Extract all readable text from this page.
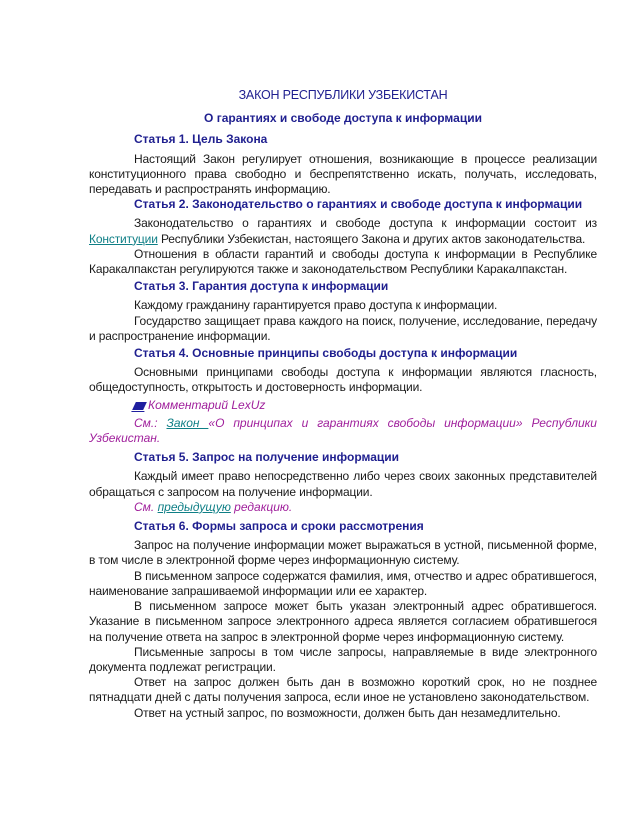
ЗАКОН РЕСПУБЛИКИ УЗБЕКИСТАН
О гарантиях и свободе доступа к информации
Статья 1. Цель Закона

Настоящий Закон регулирует отношения, возникающие в процессе реализации конституционного права свободно и беспрепятственно искать, получать, исследовать, передавать и распространять информацию.

Статья 2. Законодательство о гарантиях и свободе доступа к информации

Законодательство о гарантиях и свободе доступа к информации состоит из Конституции Республики Узбекистан, настоящего Закона и других актов законодательства.

Отношения в области гарантий и свободы доступа к информации в Республике Каракалпакстан регулируются также и законодательством Республики Каракалпакстан.

Статья 3. Гарантия доступа к информации

Каждому гражданину гарантируется право доступа к информации.

Государство защищает права каждого на поиск, получение, исследование, передачу и распространение информации.

Статья 4. Основные принципы свободы доступа к информации

Основными принципами свободы доступа к информации являются гласность, общедоступность, открытость и достоверность информации.

Комментарий LexUz

См.: Закон «О принципах и гарантиях свободы информации» Республики Узбекистан.

Статья 5. Запрос на получение информации

Каждый имеет право непосредственно либо через своих законных представителей обращаться с запросом на получение информации.

См. предыдущую редакцию.

Статья 6. Формы запроса и сроки рассмотрения

Запрос на получение информации может выражаться в устной, письменной форме, в том числе в электронной форме через информационную систему.

В письменном запросе содержатся фамилия, имя, отчество и адрес обратившегося, наименование запрашиваемой информации или ее характер.

В письменном запросе может быть указан электронный адрес обратившегося. Указание в письменном запросе электронного адреса является согласием обратившегося на получение ответа на запрос в электронной форме через информационную систему.

Письменные запросы в том числе запросы, направляемые в виде электронного документа подлежат регистрации.

Ответ на запрос должен быть дан в возможно короткий срок, но не позднее пятнадцати дней с даты получения запроса, если иное не установлено законодательством.

Ответ на устный запрос, по возможности, должен быть дан незамедлительно.
